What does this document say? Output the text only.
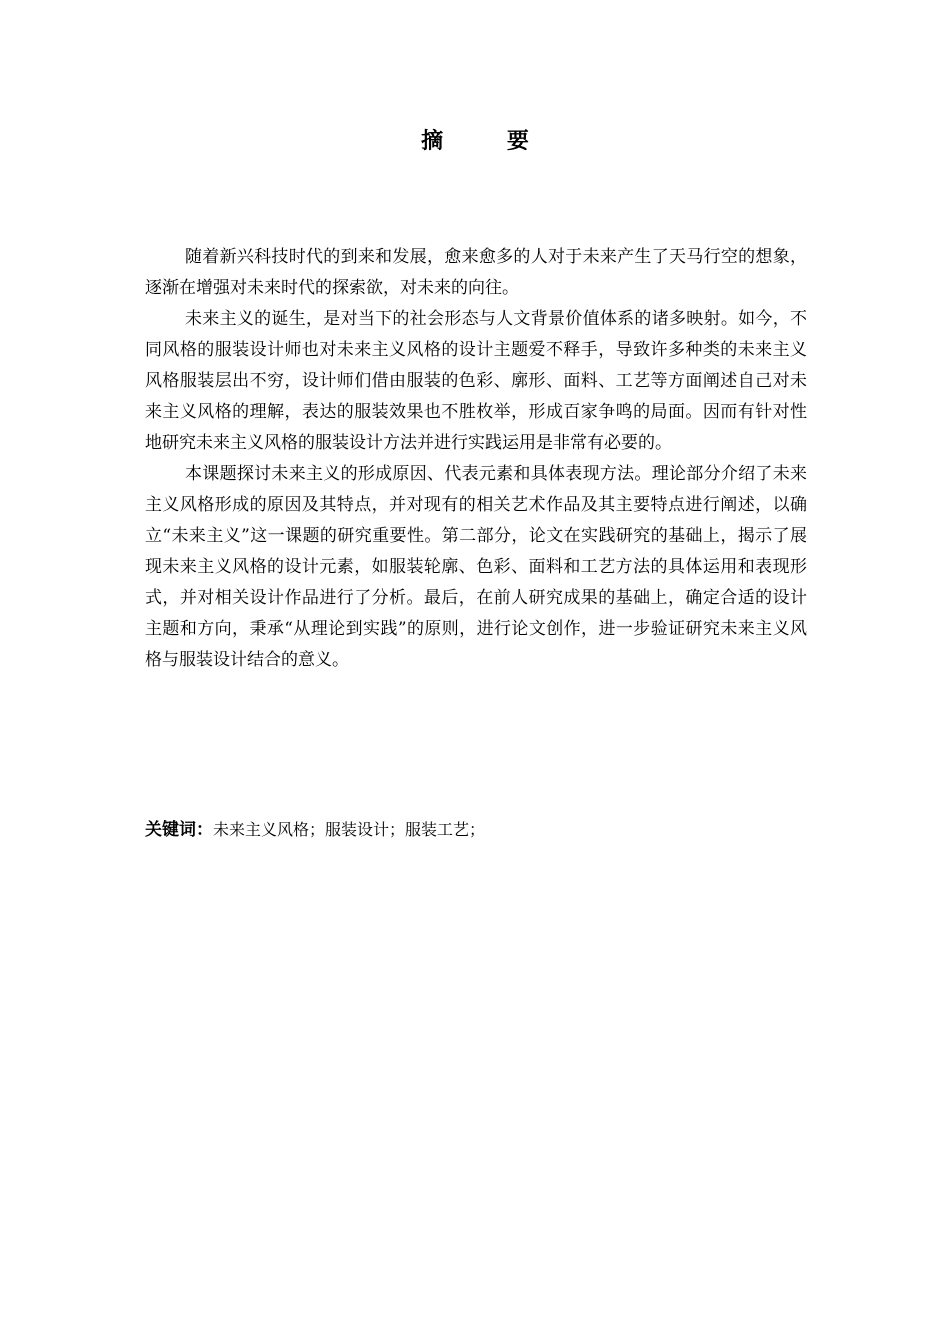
摘 要

随着新兴科技时代的到来和发展，愈来愈多的人对于未来产生了天马行空的想象，逐渐在增强对未来时代的探索欲，对未来的向往。

未来主义的诞生，是对当下的社会形态与人文背景价值体系的诸多映射。如今，不同风格的服装设计师也对未来主义风格的设计主题爱不释手，导致许多种类的未来主义风格服装层出不穷，设计师们借由服装的色彩、廓形、面料、工艺等方面阐述自己对未来主义风格的理解，表达的服装效果也不胜枚举，形成百家争鸣的局面。因而有针对性地研究未来主义风格的服装设计方法并进行实践运用是非常有必要的。

本课题探讨未来主义的形成原因、代表元素和具体表现方法。理论部分介绍了未来主义风格形成的原因及其特点，并对现有的相关艺术作品及其主要特点进行阐述，以确立“未来主义”这一课题的研究重要性。第二部分，论文在实践研究的基础上，揭示了展现未来主义风格的设计元素，如服装轮廓、色彩、面料和工艺方法的具体运用和表现形式，并对相关设计作品进行了分析。最后，在前人研究成果的基础上，确定合适的设计主题和方向，秉承“从理论到实践”的原则，进行论文创作，进一步验证研究未来主义风格与服装设计结合的意义。

关键词：未来主义风格；服装设计；服装工艺；
